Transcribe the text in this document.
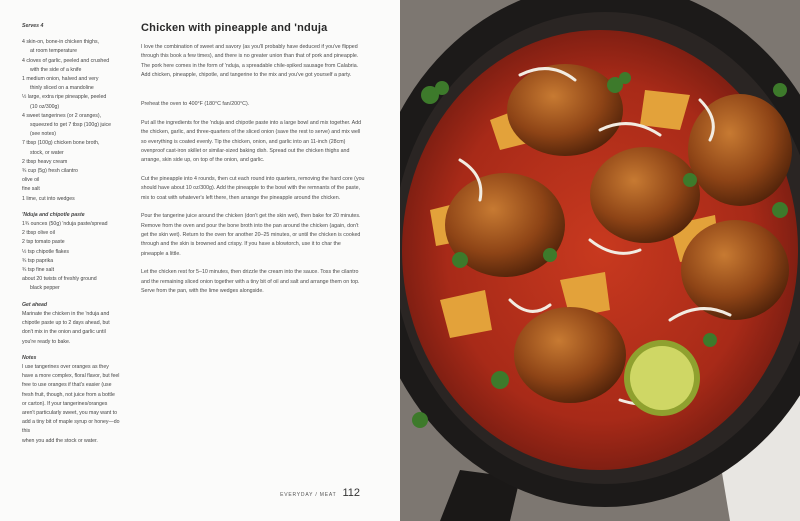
Serves 4
4 skin-on, bone-in chicken thighs,
at room temperature
4 cloves of garlic, peeled and crushed
with the side of a knife
1 medium onion, halved and very
thinly sliced on a mandoline
½ large, extra ripe pineapple, peeled
(10 oz/300g)
4 sweet tangerines (or 2 oranges),
squeezed to get 7 tbsp (100g) juice
(see notes)
7 tbsp (100g) chicken bone broth,
stock, or water
2 tbsp heavy cream
¾ cup (5g) fresh cilantro
olive oil
fine salt
1 lime, cut into wedges
'Nduja and chipotle paste
1¾ ounces (50g) 'nduja paste/spread
2 tbsp olive oil
2 tsp tomato paste
½ tsp chipotle flakes
¾ tsp paprika
¾ tsp fine salt
about 20 twists of freshly ground
black pepper
Get ahead
Marinate the chicken in the 'nduja and
chipotle paste up to 2 days ahead, but
don't mix in the onion and garlic until
you're ready to bake.
Notes
I use tangerines over oranges as they
have a more complex, floral flavor, but feel
free to use oranges if that's easier (use
fresh fruit, though, not juice from a bottle
or carton). If your tangerines/oranges
aren't particularly sweet, you may want to
add a tiny bit of maple syrup or honey—do this
when you add the stock or water.
Chicken with pineapple and 'nduja

I love the combination of sweet and savory (as you'll probably have deduced if you've flipped through this book a few times), and there is no greater union than that of pork and pineapple. The pork here comes in the form of 'nduja, a spreadable chile-spiked sausage from Calabria. Add chicken, pineapple, chipotle, and tangerine to the mix and you've got yourself a party.

Preheat the oven to 400°F (180°C fan/200°C).

Put all the ingredients for the 'nduja and chipotle paste into a large bowl and mix together. Add the chicken, garlic, and three-quarters of the sliced onion (save the rest to serve) and mix well so everything is coated evenly. Tip the chicken, onion, and garlic into an 11-inch (28cm) ovenproof cast-iron skillet or similar-sized baking dish. Spread out the chicken thighs and arrange, skin side up, on top of the onion, and garlic.

Cut the pineapple into 4 rounds, then cut each round into quarters, removing the hard core (you should have about 10 oz/300g). Add the pineapple to the bowl with the remnants of the paste, mix to coat with whatever's left there, then arrange the pineapple around the chicken.

Pour the tangerine juice around the chicken (don't get the skin wet), then bake for 20 minutes. Remove from the oven and pour the bone broth into the pan around the chicken (again, don't get the skin wet). Return to the oven for another 20–25 minutes, or until the chicken is cooked through and the skin is browned and crispy. If you have a blowtorch, use it to char the pineapple a little.

Let the chicken rest for 5–10 minutes, then drizzle the cream into the sauce. Toss the cilantro and the remaining sliced onion together with a tiny bit of oil and salt and arrange them on top. Serve from the pan, with the lime wedges alongside.

EVERYDAY / MEAT 112
